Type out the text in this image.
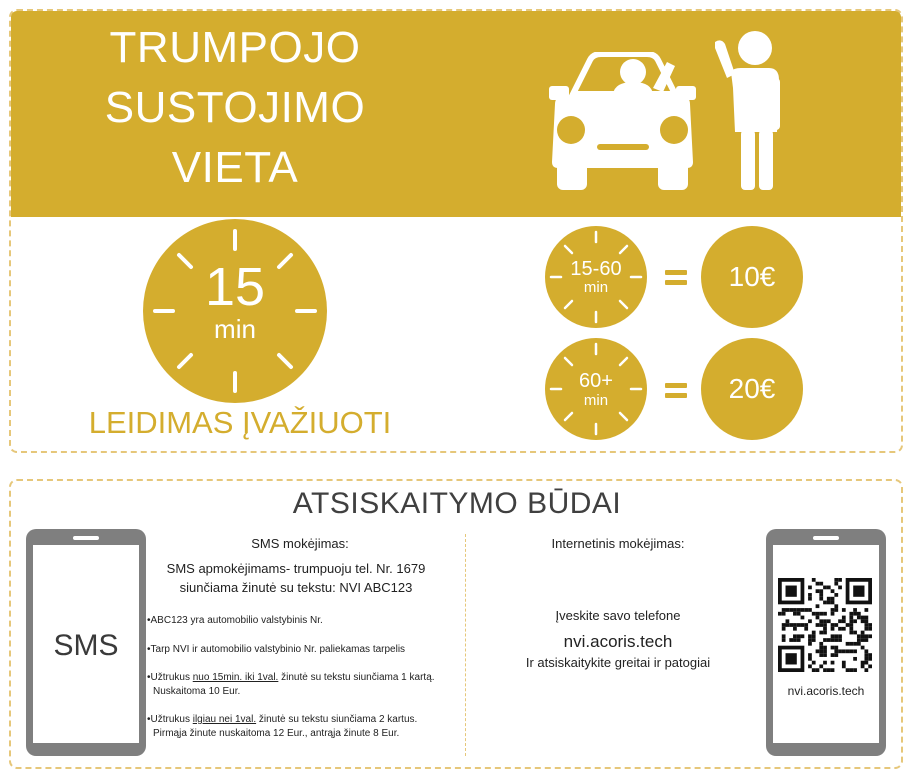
TRUMPOJO
SUSTOJIMO
VIETA
15
min
LEIDIMAS ĮVAŽIUOTI
15-60
min	10€
60+
min	20€
ATSISKAITYMO BŪDAI
SMS
SMS mokėjimas:
SMS apmokėjimams- trumpuoju tel. Nr. 1679
siunčiama žinutė su tekstu: NVI ABC123
•ABC123 yra automobilio valstybinis Nr.
•Tarp NVI ir automobilio valstybinio Nr. paliekamas tarpelis
•Užtrukus nuo 15min. iki 1val. žinutė su tekstu siunčiama 1 kartą.
Nuskaitoma 10 Eur.
•Užtrukus ilgiau nei 1val. žinutė su tekstu siunčiama 2 kartus.
Pirmąja žinute nuskaitoma 12 Eur., antrąja žinute 8 Eur.
Internetinis mokėjimas:
Įveskite savo telefone
nvi.acoris.tech
Ir atsiskaitykite greitai ir patogiai
nvi.acoris.tech
